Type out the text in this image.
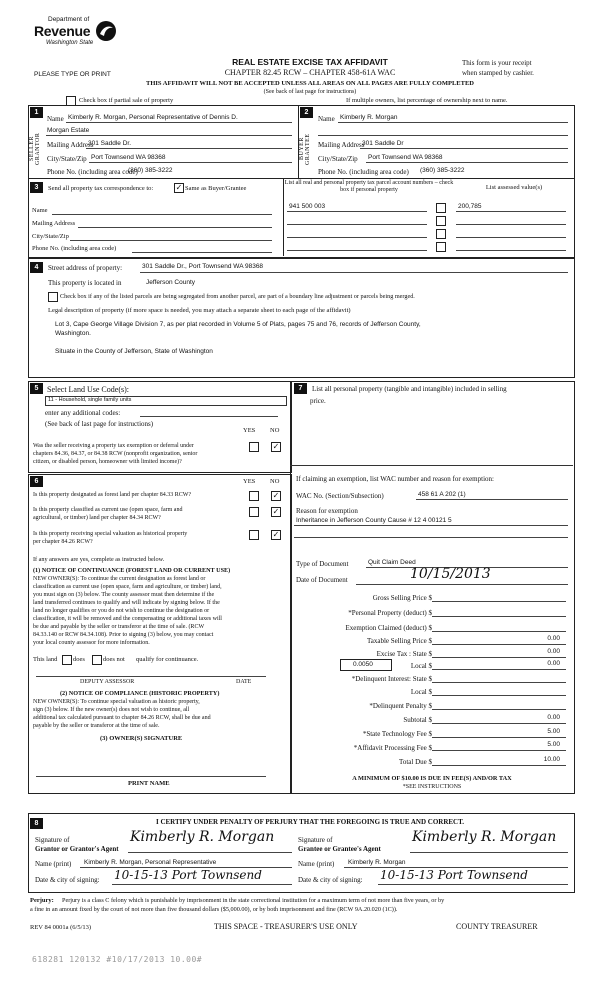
Department of
Revenue
Washington State
PLEASE TYPE OR PRINT
REAL ESTATE EXCISE TAX AFFIDAVIT
CHAPTER 82.45 RCW – CHAPTER 458-61A WAC
This form is your receipt
when stamped by cashier.
THIS AFFIDAVIT WILL NOT BE ACCEPTED UNLESS ALL AREAS ON ALL PAGES ARE FULLY COMPLETED
(See back of last page for instructions)
Check box if partial sale of property	If multiple owners, list percentage of ownership next to name.
1
SELLER GRANTOR
Name Kimberly R. Morgan, Personal Representative of Dennis D.
Morgan Estate
Mailing Address
301 Saddle Dr.
City/State/Zip Port Townsend WA 98368
Phone No. (including area code)
(360) 385-3222
2
BUYER GRANTEE
Name Kimberly R. Morgan
Mailing Address
301 Saddle Dr
City/State/Zip Port Townsend WA 98368
Phone No. (including area code) (360) 385-3222
3	Send all property tax correspondence to:	✓ Same as Buyer/Grantee
List all real and personal property tax parcel account numbers – check box if personal property	List assessed value(s)
Name
Mailing Address
City/State/Zip
Phone No. (including area code)
941 500 003	200,785
4	Street address of property:	301 Saddle Dr., Port Townsend WA 98368
This property is located in	Jefferson County
Check box if any of the listed parcels are being segregated from another parcel, are part of a boundary line adjustment or parcels being merged.
Legal description of property (if more space is needed, you may attach a separate sheet to each page of the affidavit)
Lot 3, Cape George Village Division 7, as per plat recorded in Volume 5 of Plats, pages 75 and 76, records of Jefferson County,
Washington.
Situate in the County of Jefferson, State of Washington
5	Select Land Use Code(s):
11 - Household, single family units
enter any additional codes:
(See back of last page for instructions)
YES NO
Was the seller receiving a property tax exemption or deferral under
chapters 84.36, 84.37, or 84.38 RCW (nonprofit organization, senior
citizen, or disabled person, homeowner with limited income)?
✓
6	YES NO
Is this property designated as forest land per chapter 84.33 RCW?	✓
Is this property classified as current use (open space, farm and
agricultural, or timber) land per chapter 84.34 RCW?
✓
Is this property receiving special valuation as historical property
per chapter 84.26 RCW?
✓
If any answers are yes, complete as instructed below.
(1) NOTICE OF CONTINUANCE (FOREST LAND OR CURRENT USE)
NEW OWNER(S): To continue the current designation as forest land or
classification as current use (open space, farm and agriculture, or timber) land,
you must sign on (3) below. The county assessor must then determine if the
land transferred continues to qualify and will indicate by signing below. If the
land no longer qualifies or you do not wish to continue the designation or
classification, it will be removed and the compensating or additional taxes will
be due and payable by the seller or transferor at the time of sale. (RCW
84.33.140 or RCW 84.34.108). Prior to signing (3) below, you may contact
your local county assessor for more information.
This land does	does not qualify for continuance.
DEPUTY ASSESSOR	DATE
(2) NOTICE OF COMPLIANCE (HISTORIC PROPERTY)
NEW OWNER(S): To continue special valuation as historic property,
sign (3) below. If the new owner(s) does not wish to continue, all
additional tax calculated pursuant to chapter 84.26 RCW, shall be due and
payable by the seller or transferor at the time of sale.
(3) OWNER(S) SIGNATURE
PRINT NAME
7	List all personal property (tangible and intangible) included in selling
price.
If claiming an exemption, list WAC number and reason for exemption:
WAC No. (Section/Subsection)	458 61 A 202 (1)
Reason for exemption
Inheritance in Jefferson County Cause # 12 4 00121 5
Type of Document	Quit Claim Deed
Date of Document	10/15/2013
Gross Selling Price $
*Personal Property (deduct) $
Exemption Claimed (deduct) $
Taxable Selling Price $	0.00
Excise Tax : State $	0.00
0.0050	Local $	0.00
*Delinquent Interest: State $
Local $
*Delinquent Penalty $
Subtotal $	0.00
*State Technology Fee $	5.00
*Affidavit Processing Fee $	5.00
Total Due $	10.00
A MINIMUM OF $10.00 IS DUE IN FEE(S) AND/OR TAX
*SEE INSTRUCTIONS
8	I CERTIFY UNDER PENALTY OF PERJURY THAT THE FOREGOING IS TRUE AND CORRECT.
Signature of
Grantor or Grantor's Agent
Kimberly R. Morgan
Name (print) Kimberly R. Morgan, Personal Representative
Date & city of signing: 10-15-13 Port Townsend
Signature of
Grantee or Grantee's Agent
Kimberly R. Morgan
Name (print) Kimberly R. Morgan
Date & city of signing: 10-15-13 Port Townsend
Perjury: Perjury is a class C felony which is punishable by imprisonment in the state correctional institution for a maximum term of not more than five years, or by
a fine in an amount fixed by the court of not more than five thousand dollars ($5,000.00), or by both imprisonment and fine (RCW 9A.20.020 (1C)).
REV 84 0001a (6/5/13)	THIS SPACE - TREASURER'S USE ONLY	COUNTY TREASURER
618281 120132 #10/17/2013 10.00#
